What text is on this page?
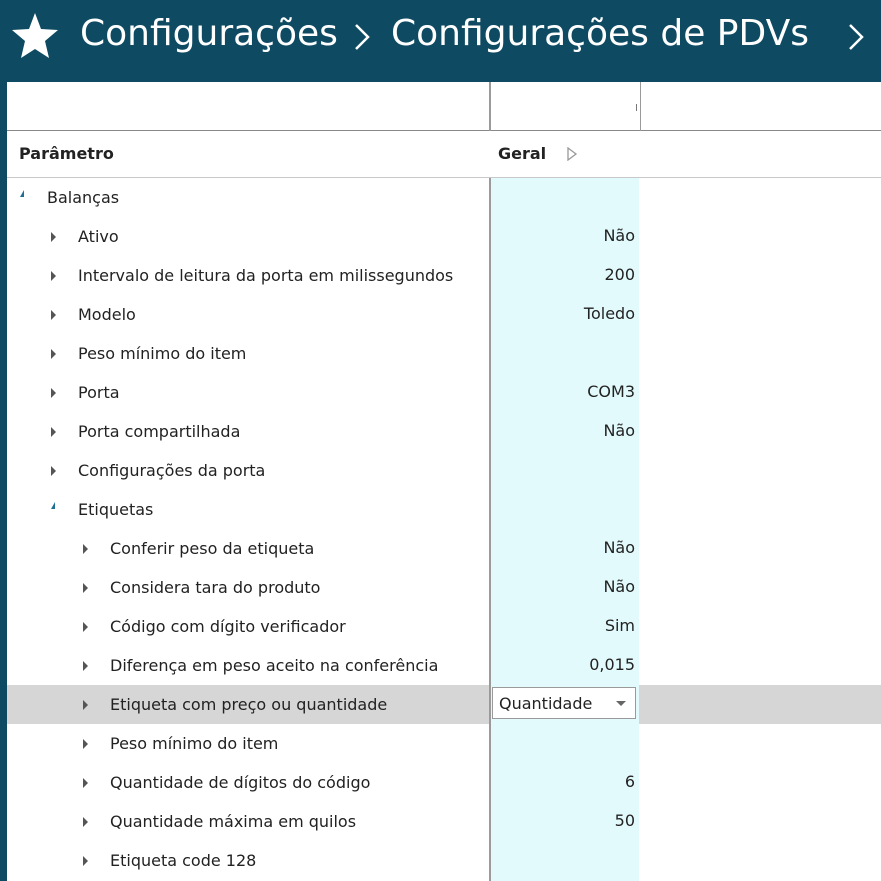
Configurações Configurações de PDVs
Parâmetro	Geral
Balanças
Ativo	Não
Intervalo de leitura da porta em milissegundos	200
Modelo	Toledo
Peso mínimo do item
Porta	COM3
Porta compartilhada	Não
Configurações da porta
Etiquetas
Conferir peso da etiqueta	Não
Considera tara do produto	Não
Código com dígito verificador	Sim
Diferença em peso aceito na conferência	0,015
Etiqueta com preço ou quantidade	Quantidade
Peso mínimo do item
Quantidade de dígitos do código	6
Quantidade máxima em quilos	50
Etiqueta code 128
